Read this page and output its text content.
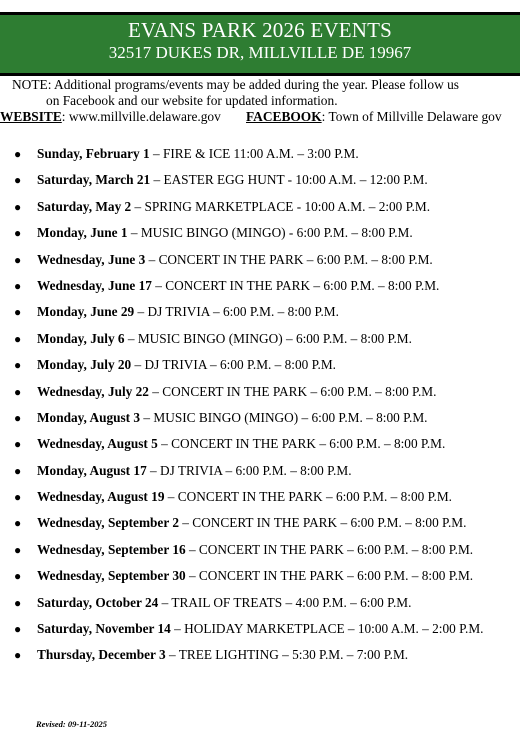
EVANS PARK 2026 EVENTS
32517 DUKES DR, MILLVILLE DE 19967
NOTE: Additional programs/events may be added during the year. Please follow us
on Facebook and our website for updated information.
WEBSITE: www.millville.delaware.gov FACEBOOK: Town of Millville Delaware gov
● Sunday, February 1 – FIRE & ICE 11:00 A.M. – 3:00 P.M.
● Saturday, March 21 – EASTER EGG HUNT - 10:00 A.M. – 12:00 P.M.
● Saturday, May 2 – SPRING MARKETPLACE - 10:00 A.M. – 2:00 P.M.
● Monday, June 1 – MUSIC BINGO (MINGO) - 6:00 P.M. – 8:00 P.M.
● Wednesday, June 3 – CONCERT IN THE PARK – 6:00 P.M. – 8:00 P.M.
● Wednesday, June 17 – CONCERT IN THE PARK – 6:00 P.M. – 8:00 P.M.
● Monday, June 29 – DJ TRIVIA – 6:00 P.M. – 8:00 P.M.
● Monday, July 6 – MUSIC BINGO (MINGO) – 6:00 P.M. – 8:00 P.M.
● Monday, July 20 – DJ TRIVIA – 6:00 P.M. – 8:00 P.M.
● Wednesday, July 22 – CONCERT IN THE PARK – 6:00 P.M. – 8:00 P.M.
● Monday, August 3 – MUSIC BINGO (MINGO) – 6:00 P.M. – 8:00 P.M.
● Wednesday, August 5 – CONCERT IN THE PARK – 6:00 P.M. – 8:00 P.M.
● Monday, August 17 – DJ TRIVIA – 6:00 P.M. – 8:00 P.M.
● Wednesday, August 19 – CONCERT IN THE PARK – 6:00 P.M. – 8:00 P.M.
● Wednesday, September 2 – CONCERT IN THE PARK – 6:00 P.M. – 8:00 P.M.
● Wednesday, September 16 – CONCERT IN THE PARK – 6:00 P.M. – 8:00 P.M.
● Wednesday, September 30 – CONCERT IN THE PARK – 6:00 P.M. – 8:00 P.M.
● Saturday, October 24 – TRAIL OF TREATS – 4:00 P.M. – 6:00 P.M.
● Saturday, November 14 – HOLIDAY MARKETPLACE – 10:00 A.M. – 2:00 P.M.
● Thursday, December 3 – TREE LIGHTING – 5:30 P.M. – 7:00 P.M.
Revised: 09-11-2025
